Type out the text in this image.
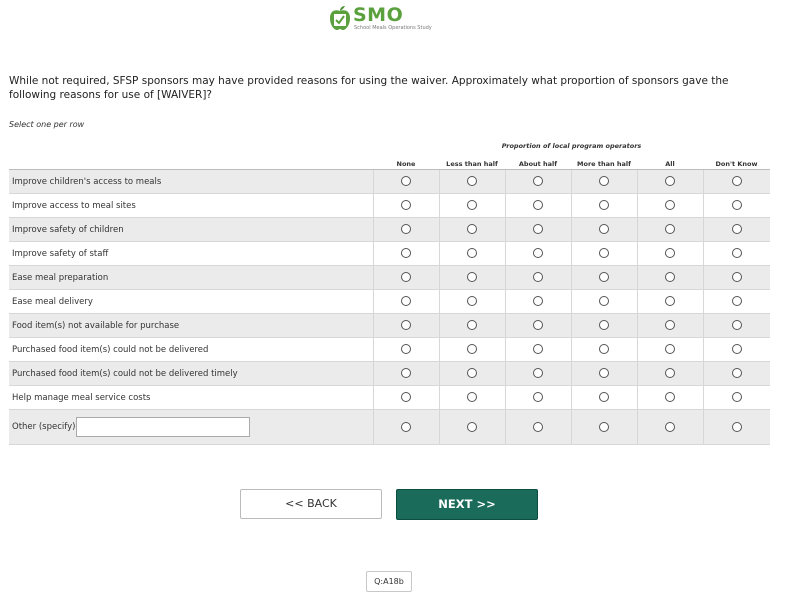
SMO
School Meals Operations Study
While not required, SFSP sponsors may have provided reasons for using the waiver. Approximately what proportion of sponsors gave the following reasons for use of [WAIVER]?
Select one per row
Proportion of local program operators
	None	Less than half	About half	More than half	All	Don't Know
Improve children's access to meals						
Improve access to meal sites						
Improve safety of children						
Improve safety of staff						
Ease meal preparation						
Ease meal delivery						
Food item(s) not available for purchase						
Purchased food item(s) could not be delivered						
Purchased food item(s) could not be delivered timely						
Help manage meal service costs						

Other (specify)						

<< BACK	NEXT >>
Q:A18b
